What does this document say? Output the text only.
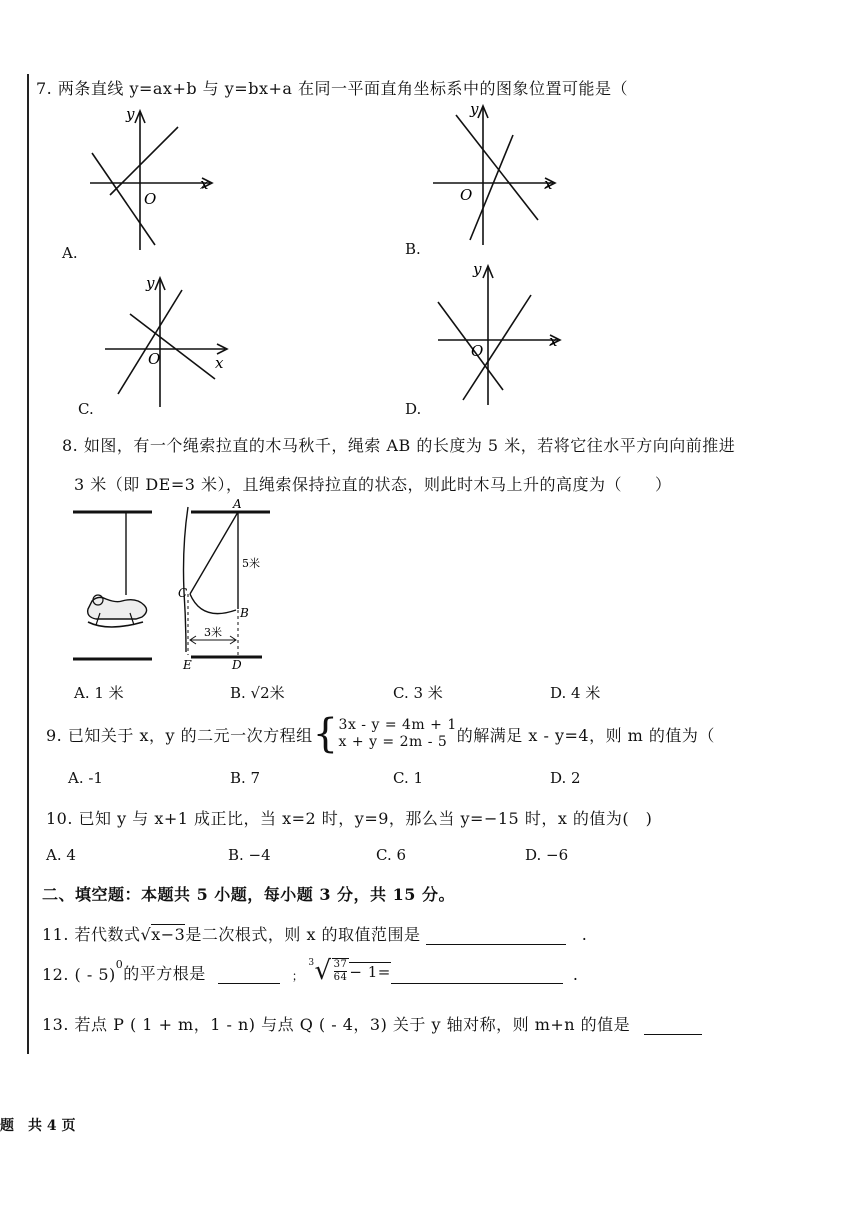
7. 两条直线 y=ax+b 与 y=bx+a 在同一平面直角坐标系中的图象位置可能是（
x
y
O
A.
x
y
O
B.
x
y
O
C.
x
y
O
D.
8. 如图，有一个绳索拉直的木马秋千，绳索 AB 的长度为 5 米，若将它往水平方向向前推进
3 米（即 DE=3 米），且绳索保持拉直的状态，则此时木马上升的高度为（　　）
A
5米
C
B
3米
E	D
A. 1 米	B. √2米	C. 3 米	D. 4 米
9. 已知关于 x，y 的二元一次方程组 { 3x - y = 4m + 1
x + y = 2m - 5 的解满足 x - y=4，则 m 的值为（
A. -1	B. 7	C. 1	D. 2
10. 已知 y 与 x+1 成正比，当 x=2 时，y=9，那么当 y=−15 时，x 的值为(　)
A. 4	B. −4	C. 6	D. −6
二、填空题：本题共 5 小题，每小题 3 分，共 15 分。
11. 若代数式√x−3是二次根式，则 x 的取值范围是	.
12. ( - 5)
$^0$ 的平方根是	；
3 √ $\frac{37}{64} - 1=$	.
13. 若点 P ( 1 + m，1 - n) 与点 Q ( - 4，3) 关于 y 轴对称，则 m+n 的值是
题　共 4 页
